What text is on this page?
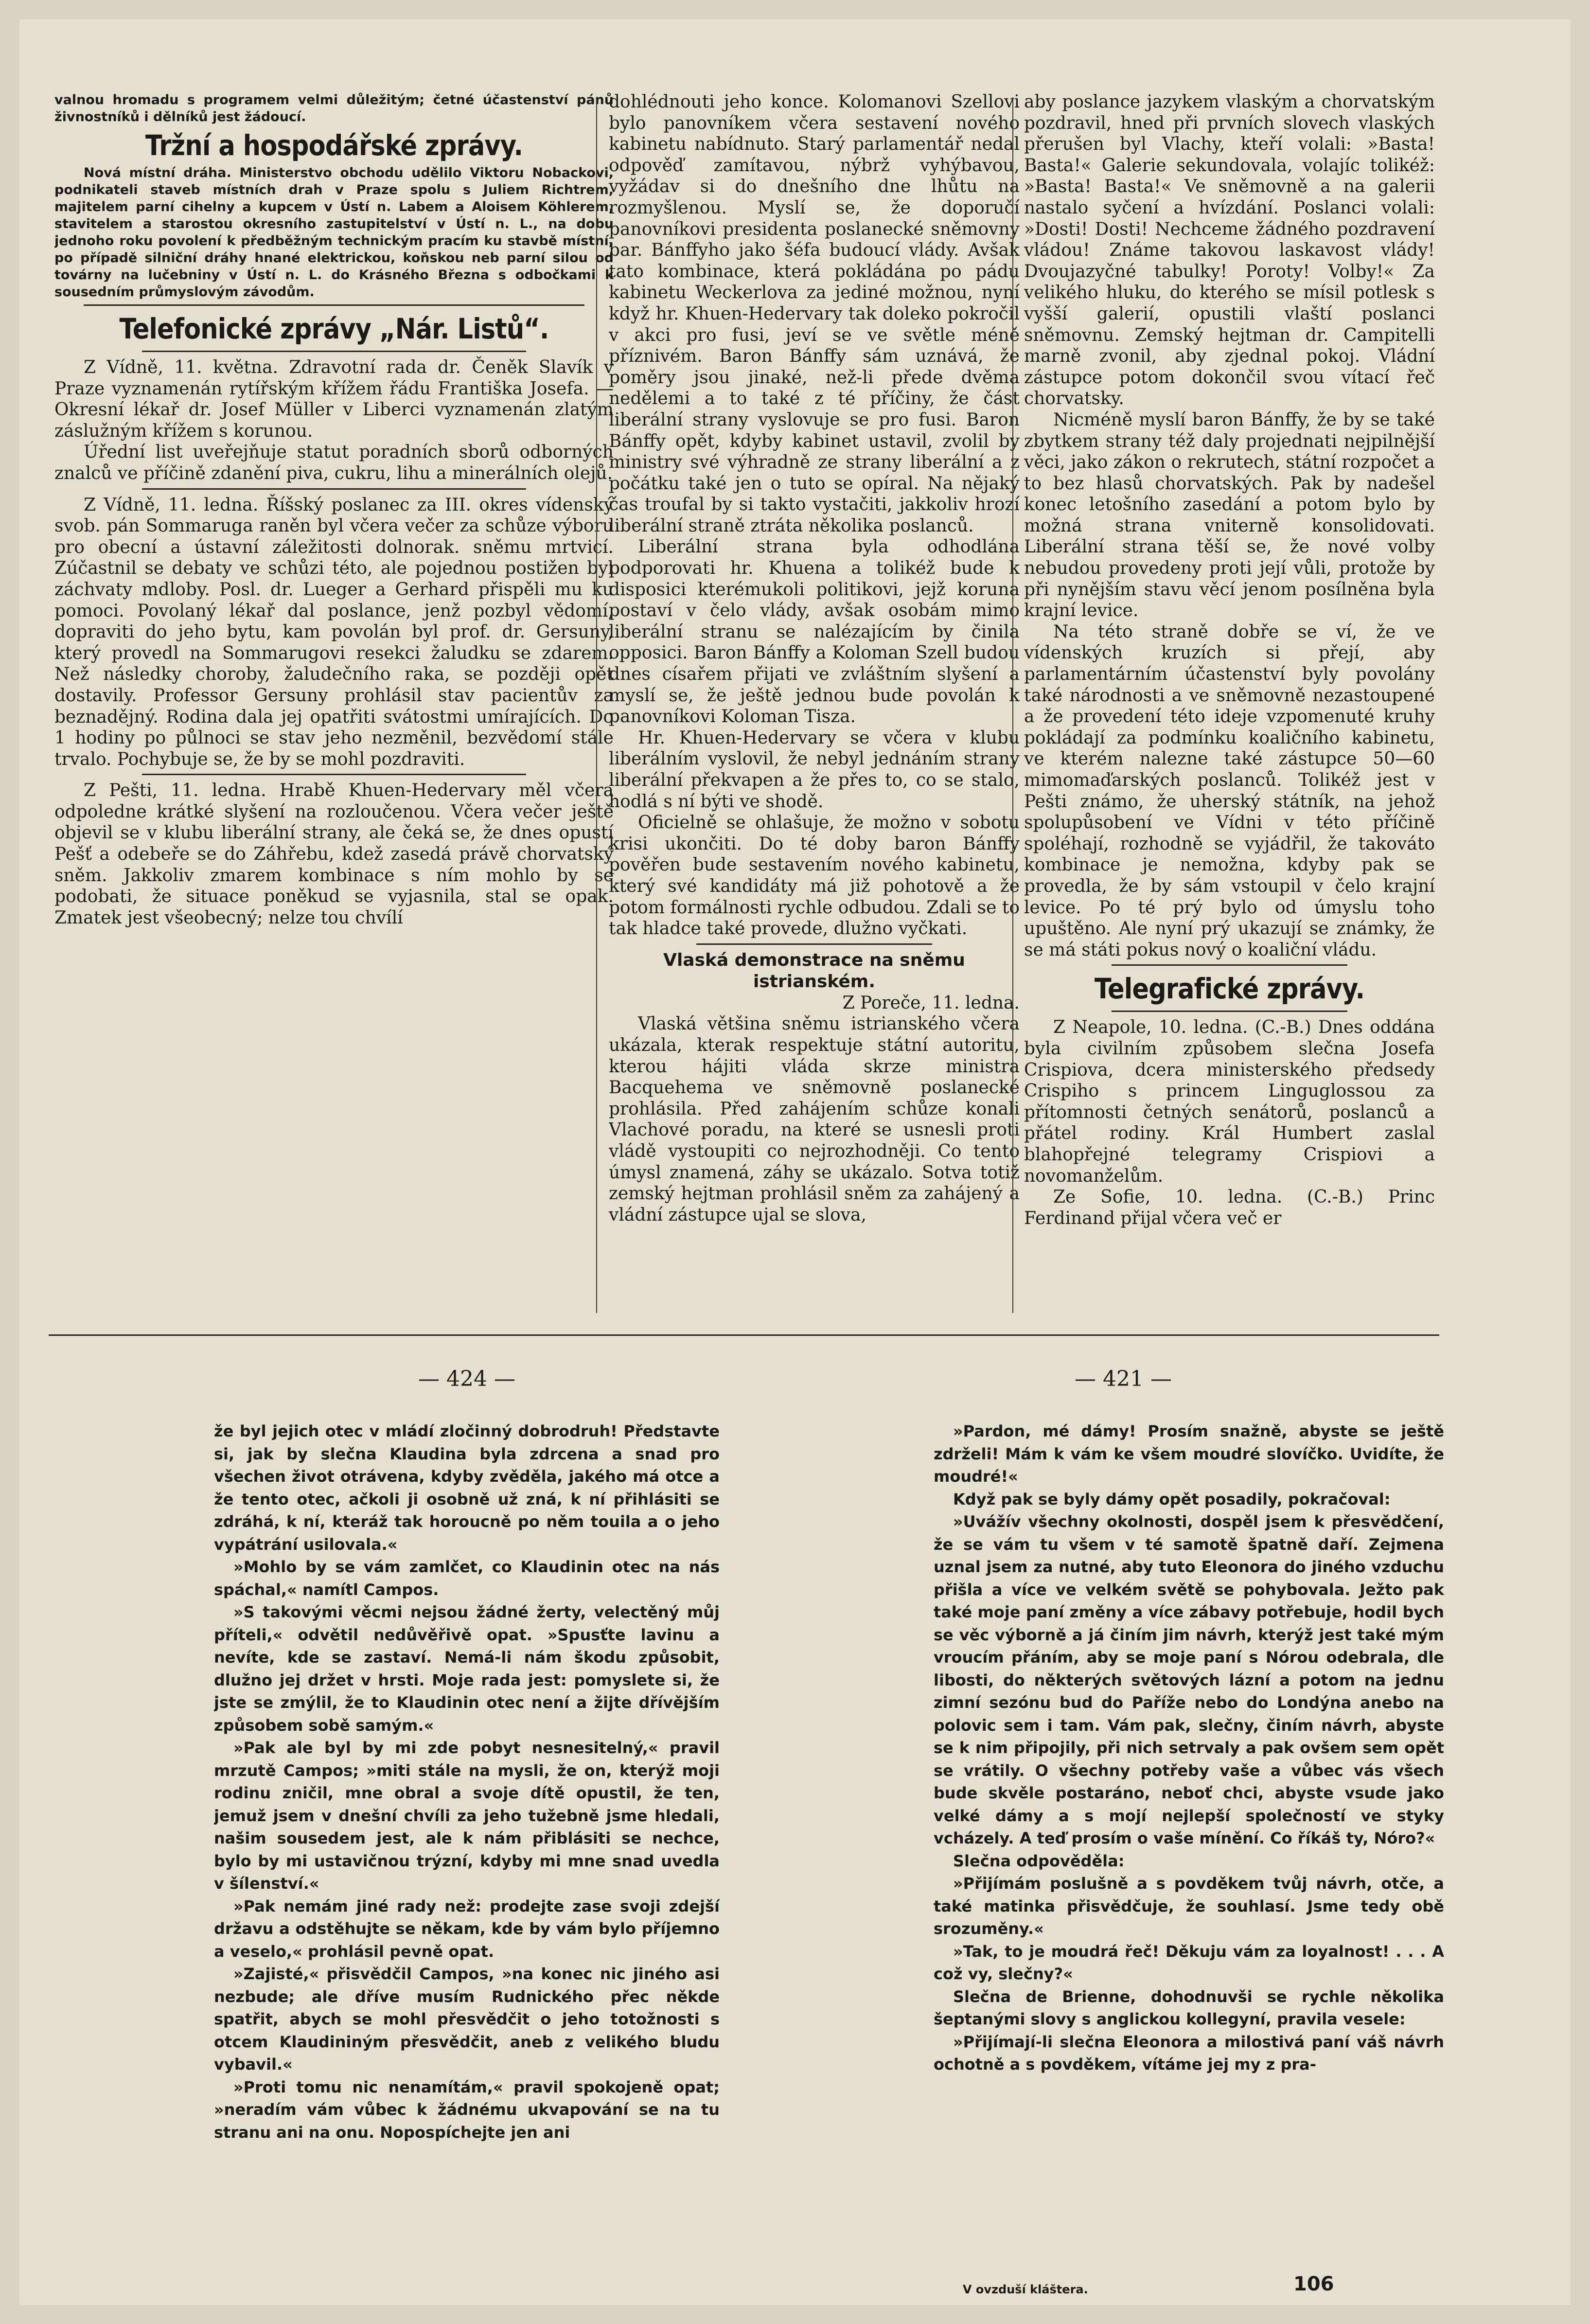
valnou hromadu s programem velmi důležitým; četné účastenství pánů živnostníků i dělníků jest žádoucí.

Tržní a hospodářské zprávy.

Nová místní dráha. Ministerstvo obchodu udělilo Viktoru Nobackovi, podnikateli staveb místních drah v Praze spolu s Juliem Richtrem, majitelem parní cihelny a kupcem v Ústí n. Labem a Aloisem Köhlerem, stavitelem a starostou okresního zastupitelství v Ústí n. L., na dobu jednoho roku povolení k předběžným technickým pracím ku stavbě místní, po případě silniční dráhy hnané elektrickou, koňskou neb parní silou od továrny na lučebniny v Ústí n. L. do Krásného Března s odbočkami k sousedním průmyslovým závodům.

Telefonické zprávy „Nár. Listů“.

Z Vídně, 11. května. Zdravotní rada dr. Čeněk Slavík v Praze vyznamenán rytířským křížem řádu Františka Josefa. — Okresní lékař dr. Josef Müller v Liberci vyznamenán zlatým záslužným křížem s korunou.

Úřední list uveřejňuje statut poradních sborů odborných znalců ve příčině zdanění piva, cukru, lihu a minerálních olejů.

Z Vídně, 11. ledna. Říšský poslanec za III. okres vídenský svob. pán Sommaruga raněn byl včera večer za schůze výboru pro obecní a ústavní záležitosti dolnorak. sněmu mrtvicí. Zúčastnil se debaty ve schůzi této, ale pojednou postižen byl záchvaty mdloby. Posl. dr. Lueger a Gerhard přispěli mu ku pomoci. Povolaný lékař dal poslance, jenž pozbyl vědomí, dopraviti do jeho bytu, kam povolán byl prof. dr. Gersuny, který provedl na Sommarugovi resekci žaludku se zdarem. Než následky choroby, žaludečního raka, se později opět dostavily. Professor Gersuny prohlásil stav pacientův za beznadějný. Rodina dala jej opatřiti svátostmi umírajících. Do 1 hodiny po půlnoci se stav jeho nezměnil, bezvědomí stále trvalo. Pochybuje se, že by se mohl pozdraviti.

Z Pešti, 11. ledna. Hrabě Khuen-Hedervary měl včera odpoledne krátké slyšení na rozloučenou. Včera večer ještě objevil se v klubu liberální strany, ale čeká se, že dnes opustí Pešť a odebeře se do Záhřebu, kdež zasedá právě chorvatský sněm. Jakkoliv zmarem kombinace s ním mohlo by se podobati, že situace poněkud se vyjasnila, stal se opak. Zmatek jest všeobecný; nelze tou chvílí

dohlédnouti jeho konce. Kolomanovi Szellovi bylo panovníkem včera sestavení nového kabinetu nabídnuto. Starý parlamentář nedal odpověď zamítavou, nýbrž vyhýbavou, vyžádav si do dnešního dne lhůtu na rozmyšlenou. Myslí se, že doporučí panovníkovi presidenta poslanecké sněmovny bar. Bánffyho jako šéfa budoucí vlády. Avšak tato kombinace, která pokládána po pádu kabinetu Weckerlova za jediné možnou, nyní když hr. Khuen-Hedervary tak doleko pokročil v akci pro fusi, jeví se ve světle méně příznivém. Baron Bánffy sám uznává, že poměry jsou jinaké, než-li přede dvěma nedělemi a to také z té příčiny, že část liberální strany vyslovuje se pro fusi. Baron Bánffy opět, kdyby kabinet ustavil, zvolil by ministry své výhradně ze strany liberální a z počátku také jen o tuto se opíral. Na nějaký čas troufal by si takto vystačiti, jakkoliv hrozí liberální straně ztráta několika poslanců.

Liberální strana byla odhodlána podporovati hr. Khuena a tolikéž bude k disposici kterémukoli politikovi, jejž koruna postaví v čelo vlády, avšak osobám mimo liberální stranu se nalézajícím by činila opposici. Baron Bánffy a Koloman Szell budou dnes císařem přijati ve zvláštním slyšení a myslí se, že ještě jednou bude povolán k panovníkovi Koloman Tisza.

Hr. Khuen-Hedervary se včera v klubu liberálním vyslovil, že nebyl jednáním strany liberální překvapen a že přes to, co se stalo, hodlá s ní býti ve shodě.

Oficielně se ohlašuje, že možno v sobotu krisi ukončiti. Do té doby baron Bánffy pověřen bude sestavením nového kabinetu, který své kandidáty má již pohotově a že potom formálnosti rychle odbudou. Zdali se to tak hladce také provede, dlužno vyčkati.

Vlaská demonstrace na sněmu istrianském.

Z Poreče, 11. ledna.

Vlaská většina sněmu istrianského včera ukázala, kterak respektuje státní autoritu, kterou hájiti vláda skrze ministra Bacquehema ve sněmovně poslanecké prohlásila. Před zahájením schůze konali Vlachové poradu, na které se usnesli proti vládě vystoupiti co nejrozhodněji. Co tento úmysl znamená, záhy se ukázalo. Sotva totiž zemský hejtman prohlásil sněm za zahájený a vládní zástupce ujal se slova,

aby poslance jazykem vlaským a chorvatským pozdravil, hned při prvních slovech vlaských přerušen byl Vlachy, kteří volali: »Basta! Basta!« Galerie sekundovala, volajíc tolikéž: »Basta! Basta!« Ve sněmovně a na galerii nastalo syčení a hvízdání. Poslanci volali: »Dosti! Dosti! Nechceme žádného pozdravení vládou! Známe takovou laskavost vlády! Dvoujazyčné tabulky! Poroty! Volby!« Za velikého hluku, do kterého se mísil potlesk s vyšší galerií, opustili vlaští poslanci sněmovnu. Zemský hejtman dr. Campitelli marně zvonil, aby zjednal pokoj. Vládní zástupce potom dokončil svou vítací řeč chorvatsky.

Nicméně myslí baron Bánffy, že by se také zbytkem strany též daly projednati nejpilnější věci, jako zákon o rekrutech, státní rozpočet a to bez hlasů chorvatských. Pak by nadešel konec letošního zasedání a potom bylo by možná strana vniterně konsolidovati. Liberální strana těší se, že nové volby nebudou provedeny proti její vůli, protože by při nynějším stavu věcí jenom posílněna byla krajní levice.

Na této straně dobře se ví, že ve vídenských kruzích si přejí, aby parlamentárním účastenství byly povolány také národnosti a ve sněmovně nezastoupené a že provedení této ideje vzpomenuté kruhy pokládají za podmínku koaličního kabinetu, ve kterém nalezne také zástupce 50—60 mimomaďarských poslanců. Tolikéž jest v Pešti známo, že uherský státník, na jehož spolupůsobení ve Vídni v této příčině spoléhají, rozhodně se vyjádřil, že takováto kombinace je nemožna, kdyby pak se provedla, že by sám vstoupil v čelo krajní levice. Po té prý bylo od úmyslu toho upuštěno. Ale nyní prý ukazují se známky, že se má státi pokus nový o koaliční vládu.

Telegrafické zprávy.

Z Neapole, 10. ledna. (C.-B.) Dnes oddána byla civilním způsobem slečna Josefa Crispiova, dcera ministerského předsedy Crispiho s princem Linguglossou za přítomnosti četných senátorů, poslanců a přátel rodiny. Král Humbert zaslal blahopřejné telegramy Crispiovi a novomanželům.

Ze Sofie, 10. ledna. (C.-B.) Princ Ferdinand přijal včera več er

— 424 —	— 421 —

že byl jejich otec v mládí zločinný dobrodruh! Představte si, jak by slečna Klaudina byla zdrcena a snad pro všechen život otrávena, kdyby zvěděla, jakého má otce a že tento otec, ačkoli ji osobně už zná, k ní přihlásiti se zdráhá, k ní, kteráž tak horoucně po něm touila a o jeho vypátrání usilovala.«

»Mohlo by se vám zamlčet, co Klaudinin otec na nás spáchal,« namítl Campos.

»S takovými věcmi nejsou žádné žerty, velectěný můj příteli,« odvětil nedůvěřivě opat. »Spusťte lavinu a nevíte, kde se zastaví. Nemá-li nám škodu způsobit, dlužno jej držet v hrsti. Moje rada jest: pomyslete si, že jste se zmýlil, že to Klaudinin otec není a žijte dřívějším způsobem sobě samým.«

»Pak ale byl by mi zde pobyt nesnesitelný,« pravil mrzutě Campos; »miti stále na mysli, že on, kterýž moji rodinu zničil, mne obral a svoje dítě opustil, že ten, jemuž jsem v dnešní chvíli za jeho tužebně jsme hledali, našim sousedem jest, ale k nám přiblásiti se nechce, bylo by mi ustavičnou trýzní, kdyby mi mne snad uvedla v šílenství.«

»Pak nemám jiné rady než: prodejte zase svoji zdejší državu a odstěhujte se někam, kde by vám bylo příjemno a veselo,« prohlásil pevně opat.

»Zajisté,« přisvědčil Campos, »na konec nic jiného asi nezbude; ale dříve musím Rudnického přec někde spatřit, abych se mohl přesvědčit o jeho totožnosti s otcem Klaudininým přesvědčit, aneb z velikého bludu vybavil.«

»Proti tomu nic nenamítám,« pravil spokojeně opat; »neradím vám vůbec k žádnému ukvapování se na tu stranu ani na onu. Nopospíchejte jen ani

»Pardon, mé dámy! Prosím snažně, abyste se ještě zdrželi! Mám k vám ke všem moudré slovíčko. Uvidíte, že moudré!«

Když pak se byly dámy opět posadily, pokračoval:

»Uvážív všechny okolnosti, dospěl jsem k přesvědčení, že se vám tu všem v té samotě špatně daří. Zejmena uznal jsem za nutné, aby tuto Eleonora do jiného vzduchu přišla a více ve velkém světě se pohybovala. Ježto pak také moje paní změny a více zábavy potřebuje, hodil bych se věc výborně a já činím jim návrh, kterýž jest také mým vroucím přáním, aby se moje paní s Nórou odebrala, dle libosti, do některých světových lázní a potom na jednu zimní sezónu bud do Paříže nebo do Londýna anebo na polovic sem i tam. Vám pak, slečny, činím návrh, abyste se k nim připojily, při nich setrvaly a pak ovšem sem opět se vrátily. O všechny potřeby vaše a vůbec vás všech bude skvěle postaráno, neboť chci, abyste vsude jako velké dámy a s mojí nejlepší společností ve styky vcházely. A teď prosím o vaše mínění. Co říkáš ty, Nóro?«

Slečna odpověděla:

»Přijímám poslušně a s povděkem tvůj návrh, otče, a také matinka přisvědčuje, že souhlasí. Jsme tedy obě srozuměny.«

»Tak, to je moudrá řeč! Děkuju vám za loyalnost! . . . A což vy, slečny?«

Slečna de Brienne, dohodnuvši se rychle několika šeptanými slovy s anglickou kollegyní, pravila vesele:

»Přijímají-li slečna Eleonora a milostivá paní váš návrh ochotně a s povděkem, vítáme jej my z pra-

V ovzduší kláštera.	106
